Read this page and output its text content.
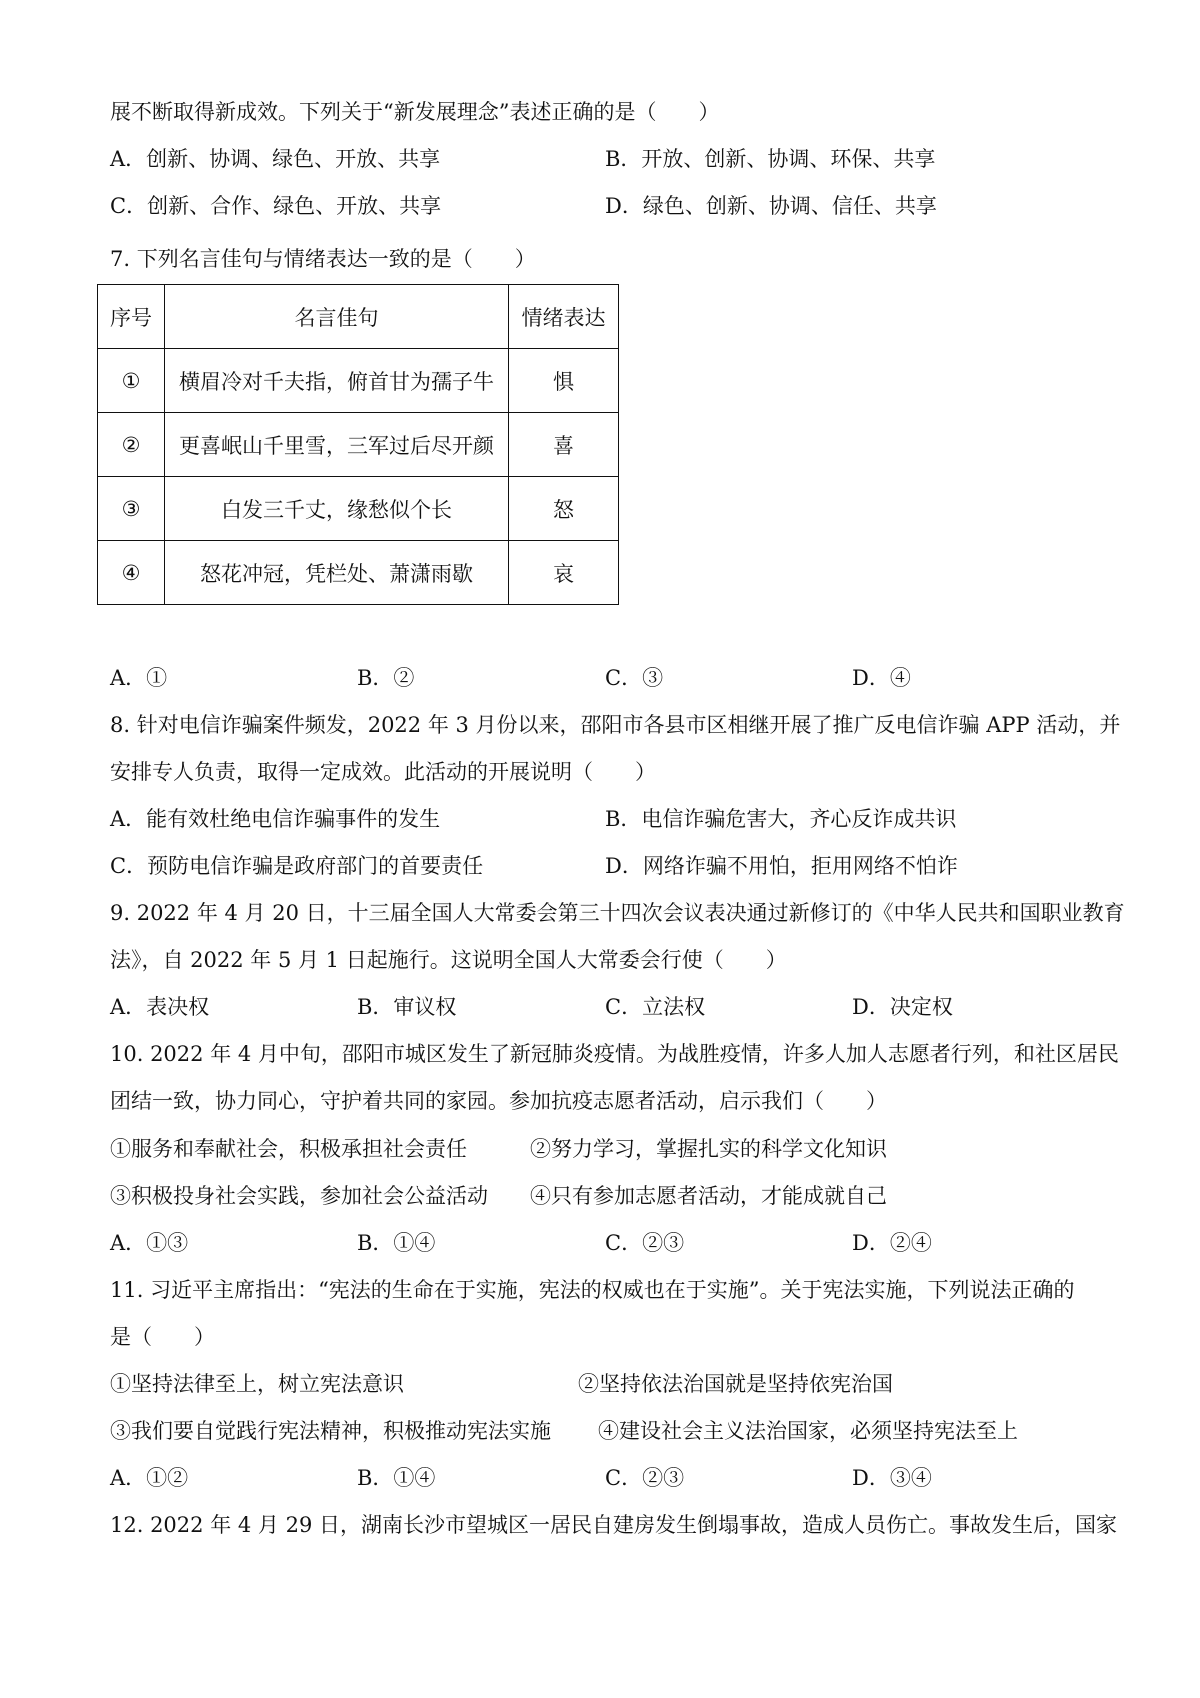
展不断取得新成效。下列关于“新发展理念”表述正确的是（　　）
A．创新、协调、绿色、开放、共享	B．开放、创新、协调、环保、共享
C．创新、合作、绿色、开放、共享	D．绿色、创新、协调、信任、共享
7. 下列名言佳句与情绪表达一致的是（　　）
序号	名言佳句	情绪表达
①	横眉冷对千夫指，俯首甘为孺子牛	惧
②	更喜岷山千里雪，三军过后尽开颜	喜
③	白发三千丈，缘愁似个长	怒
④	怒花冲冠，凭栏处、萧潇雨歇	哀
A．①	B．②	C．③	D．④
8. 针对电信诈骗案件频发，2022 年 3 月份以来，邵阳市各县市区相继开展了推广反电信诈骗 APP 活动，并
安排专人负责，取得一定成效。此活动的开展说明（　　）
A．能有效杜绝电信诈骗事件的发生	B．电信诈骗危害大，齐心反诈成共识
C．预防电信诈骗是政府部门的首要责任	D．网络诈骗不用怕，拒用网络不怕诈
9. 2022 年 4 月 20 日，十三届全国人大常委会第三十四次会议表决通过新修订的《中华人民共和国职业教育
法》，自 2022 年 5 月 1 日起施行。这说明全国人大常委会行使（　　）
A．表决权	B．审议权	C．立法权	D．决定权
10. 2022 年 4 月中旬，邵阳市城区发生了新冠肺炎疫情。为战胜疫情，许多人加人志愿者行列，和社区居民
团结一致，协力同心，守护着共同的家园。参加抗疫志愿者活动，启示我们（　　）
①服务和奉献社会，积极承担社会责任	②努力学习，掌握扎实的科学文化知识
③积极投身社会实践，参加社会公益活动 ④只有参加志愿者活动，才能成就自己
A．①③	B．①④	C．②③	D．②④
11. 习近平主席指出：“宪法的生命在于实施，宪法的权威也在于实施”。关于宪法实施，下列说法正确的
是（　　）
①坚持法律至上，树立宪法意识	②坚持依法治国就是坚持依宪治国
③我们要自觉践行宪法精神，积极推动宪法实施 ④建设社会主义法治国家，必须坚持宪法至上
A．①②	B．①④	C．②③	D．③④
12. 2022 年 4 月 29 日，湖南长沙市望城区一居民自建房发生倒塌事故，造成人员伤亡。事故发生后，国家
